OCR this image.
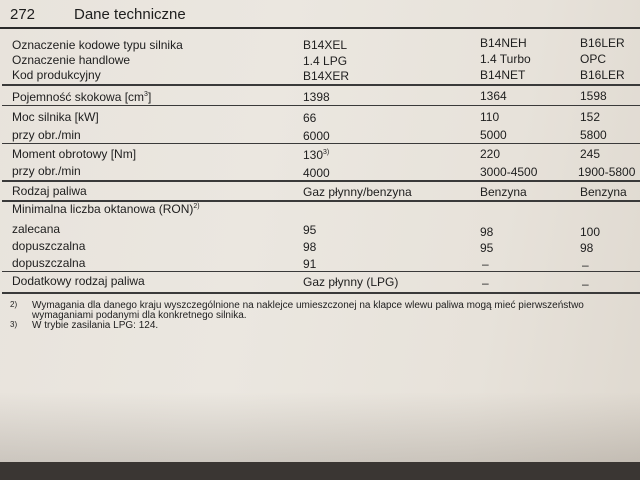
272	Dane techniczne
Oznaczenie kodowe typu silnika	B14XEL	B14NEH	B16LER
Oznaczenie handlowe	1.4 LPG	1.4 Turbo	OPC
Kod produkcyjny	B14XER	B14NET	B16LER
Pojemność skokowa $[cm^3]$	1398	1364	1598
Moc silnika [kW]	66	110	152
przy obr./min	6000	5000	5800
Moment obrotowy [Nm]	130$^{3)}$	220	245
przy obr./min	4000	3000-4500	1900-5800
Rodzaj paliwa	Gaz płynny/benzyna	Benzyna	Benzyna
Minimalna liczba oktanowa (RON)$^{2)}$
zalecana	95	98	100
dopuszczalna	98	95	98
dopuszczalna	91	–	–
Dodatkowy rodzaj paliwa	Gaz płynny (LPG)	–	–
2) Wymagania dla danego kraju wyszczególnione na naklejce umieszczonej na klapce wlewu paliwa mogą mieć pierwszeństwo
wymaganiami podanymi dla konkretnego silnika.
3) W trybie zasilania LPG: 124.
